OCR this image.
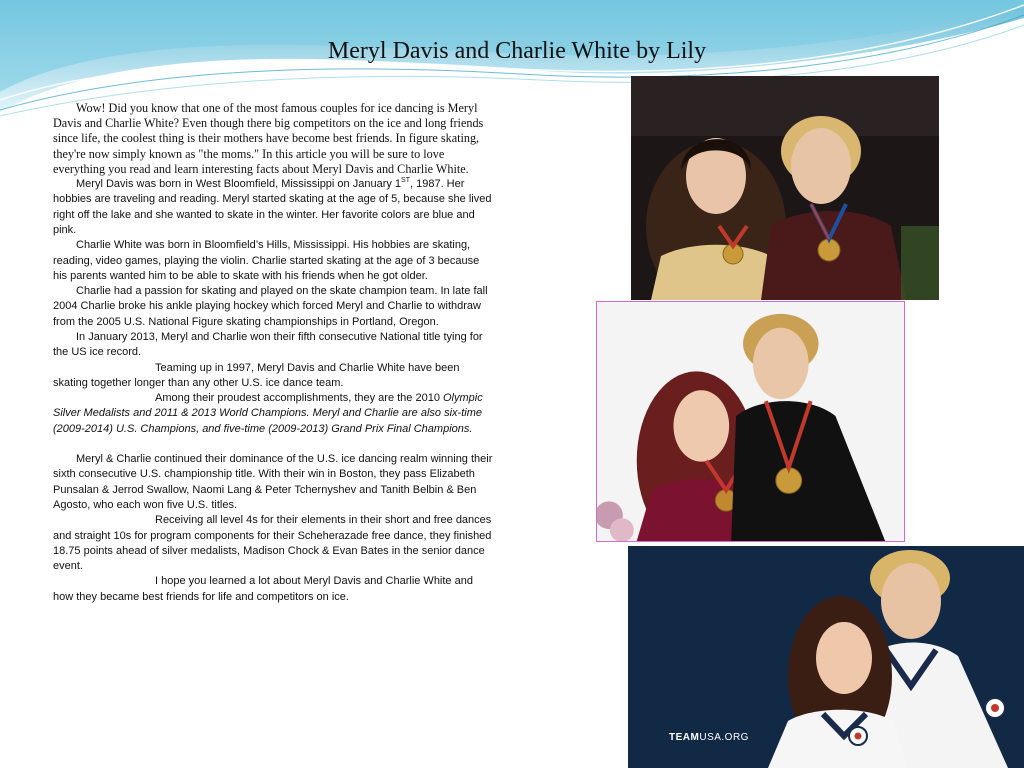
Meryl Davis and Charlie White by Lily

Wow! Did you know that one of the most famous couples for ice dancing is Meryl Davis and Charlie White? Even though there big competitors on the ice and long friends since life, the coolest thing is their mothers have become best friends. In figure skating, they're now simply known as "the moms." In this article you will be sure to love everything you read and learn interesting facts about Meryl Davis and Charlie White.

Meryl Davis was born in West Bloomfield, Mississippi on January 1ST, 1987. Her hobbies are traveling and reading. Meryl started skating at the age of 5, because she lived right off the lake and she wanted to skate in the winter. Her favorite colors are blue and pink.

Charlie White was born in Bloomfield’s Hills, Mississippi. His hobbies are skating, reading, video games, playing the violin. Charlie started skating at the age of 3 because his parents wanted him to be able to skate with his friends when he got older.

Charlie had a passion for skating and played on the skate champion team. In late fall 2004 Charlie broke his ankle playing hockey which forced Meryl and Charlie to withdraw from the 2005 U.S. National Figure skating championships in Portland, Oregon.

In January 2013, Meryl and Charlie won their fifth consecutive National title tying for the US ice record.

Teaming up in 1997, Meryl Davis and Charlie White have been skating together longer than any other U.S. ice dance team.

Among their proudest accomplishments, they are the 2010 Olympic Silver Medalists and 2011 & 2013 World Champions. Meryl and Charlie are also six-time (2009-2014) U.S. Champions, and five-time (2009-2013) Grand Prix Final Champions.

Meryl & Charlie continued their dominance of the U.S. ice dancing realm winning their sixth consecutive U.S. championship title. With their win in Boston, they pass Elizabeth Punsalan & Jerrod Swallow, Naomi Lang & Peter Tchernyshev and Tanith Belbin & Ben Agosto, who each won five U.S. titles.

Receiving all level 4s for their elements in their short and free dances and straight 10s for program components for their Scheherazade free dance, they finished 18.75 points ahead of silver medalists, Madison Chock & Evan Bates in the senior dance event.

I hope you learned a lot about Meryl Davis and Charlie White and how they became best friends for life and competitors on ice.

TEAMUSA.ORG
